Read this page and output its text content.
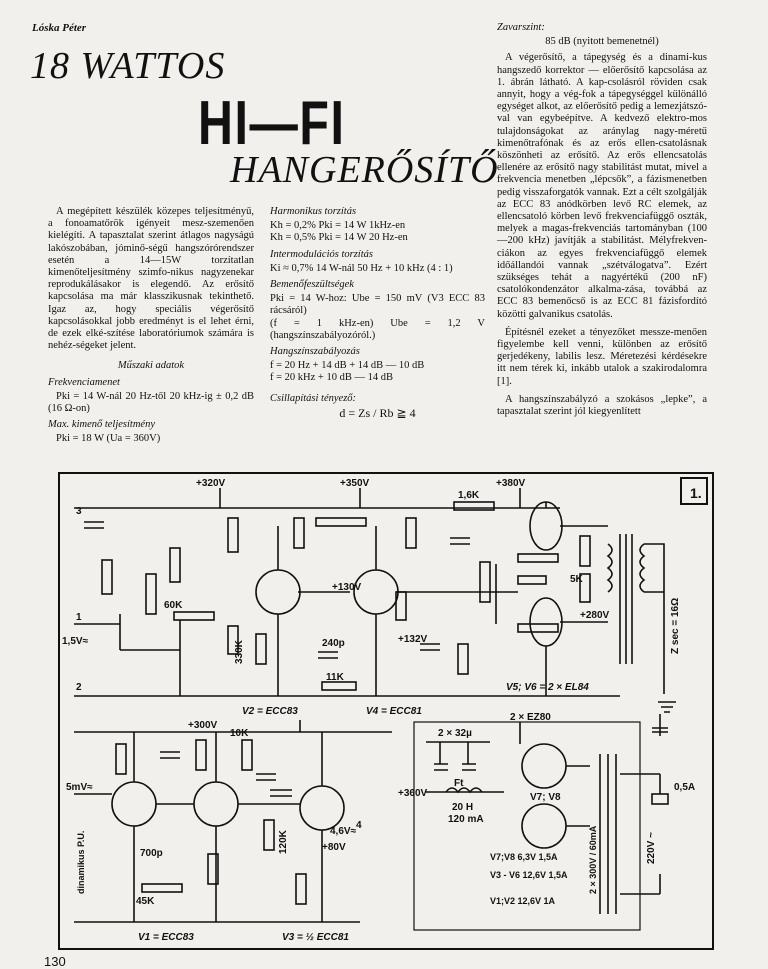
Lóska Péter
18 WATTOS
HI—FI
HANGERŐSÍTŐ

A megépített készülék közepes teljesítményű, a fonoamatőrök igényeit mesz-szemenően kielégíti. A tapasztalat szerint átlagos nagyságú lakószobában, jóminő-ségű hangszórórendszer esetén a 14—15W torzítatlan kimenőteljesítmény szimfo-nikus nagyzenekar reprodukálásakor is elegendő. Az erősítő kapcsolása ma már klasszikusnak tekinthető. Igaz az, hogy speciális végerősítő kapcsolásokkal jobb eredményt is el lehet érni, de ezek elké-szítése laboratóriumok számára is nehéz-ségeket jelent.

Műszaki adatok
Frekvenciamenet

Pki = 14 W-nál 20 Hz-től 20 kHz-ig ± 0,2 dB (16 Ω-on)

Max. kimenő teljesítmény

Pki = 18 W (Ua = 360V)

Harmonikus torzítás
Kh = 0,2% Pki = 14 W 1kHz-en
Kh = 0,5% Pki = 14 W 20 Hz-en
Intermodulációs torzítás
Ki ≈ 0,7% 14 W-nál 50 Hz + 10 kHz (4 : 1)
Bemenőfeszültségek
Pki = 14 W-hoz: Ube = 150 mV (V3 ECC 83 rácsáról)
(f = 1 kHz-en) Ube = 1,2 V (hangszínszabályozóról.)
Hangszínszabályozás
f = 20 Hz + 14 dB + 14 dB — 10 dB
f = 20 kHz + 10 dB — 14 dB
Csillapítási tényező:
d = Zs / Rb ≧ 4
Zavarszint:
85 dB (nyitott bemenetnél)

A végerősítő, a tápegység és a dinami-kus hangszedő korrektor — előerősítő kapcsolása az 1. ábrán látható. A kap-csolásról röviden csak annyit, hogy a vég-fok a tápegységgel különálló egységet alkot, az előerősítő pedig a lemezjátszó-val van egybeépítve. A kedvező elektro-mos tulajdonságokat az aránylag nagy-méretű kimenőtrafónak és az erős ellen-csatolásnak köszönheti az erősítő. Az erős ellencsatolás ellenére az erősítő nagy stabilitást mutat, mivel a frekvencia menetben „lépcsők”, a fázismenetben pedig visszaforgatók vannak. Ezt a célt szolgálják az ECC 83 anódkörben levő RC elemek, az ellencsatoló körben levő frekvenciafüggő oszták, melyek a magas-frekvenciás tartományban (100—200 kHz) javítják a stabilitást. Mélyfrekven-ciákon az egyes frekvenciafüggő elemek időállandói vannak „szétválogatva”. Ezért szükséges tehát a nagyértékű (200 nF) csatolókondenzátor alkalma-zása, továbbá az ECC 83 bemenőcső is az ECC 81 fázisfordító közötti galvanikus csatolás.

Építésnél ezeket a tényezőket messze-menően figyelembe kell venni, különben az erősítő gerjedékeny, labilis lesz. Méretezési kérdésekre itt nem térek ki, inkább utalok a szakirodalomra [1].

A hangszínszabályzó a szokásos „lepke”, a tapasztalat szerint jól kiegyenlített

1.
+320V	+350V	+380V
+300V
+360V
+130V
+132V
+280V
+80V
V2 = ECC83	V4 = ECC81
V5; V6 = 2 × EL84
V1 = ECC83	V3 = ½ ECC81
2 × EZ80
V7; V8
V7;V8 6,3V 1,5A
V3 - V6 12,6V 1,5A
V1;V2 12,6V 1A
Ft
20 H
120 mA
2 × 32µ
Z sec = 16Ω
0,5A
220V ~
2 × 300V / 60mA
10K
5K
1,6K
60K
11K
330K
45K
120K
240p
700p
1,5V≈
5mV≈
4,6V≈
3
2
1
4
dinamikus P.U.
130
